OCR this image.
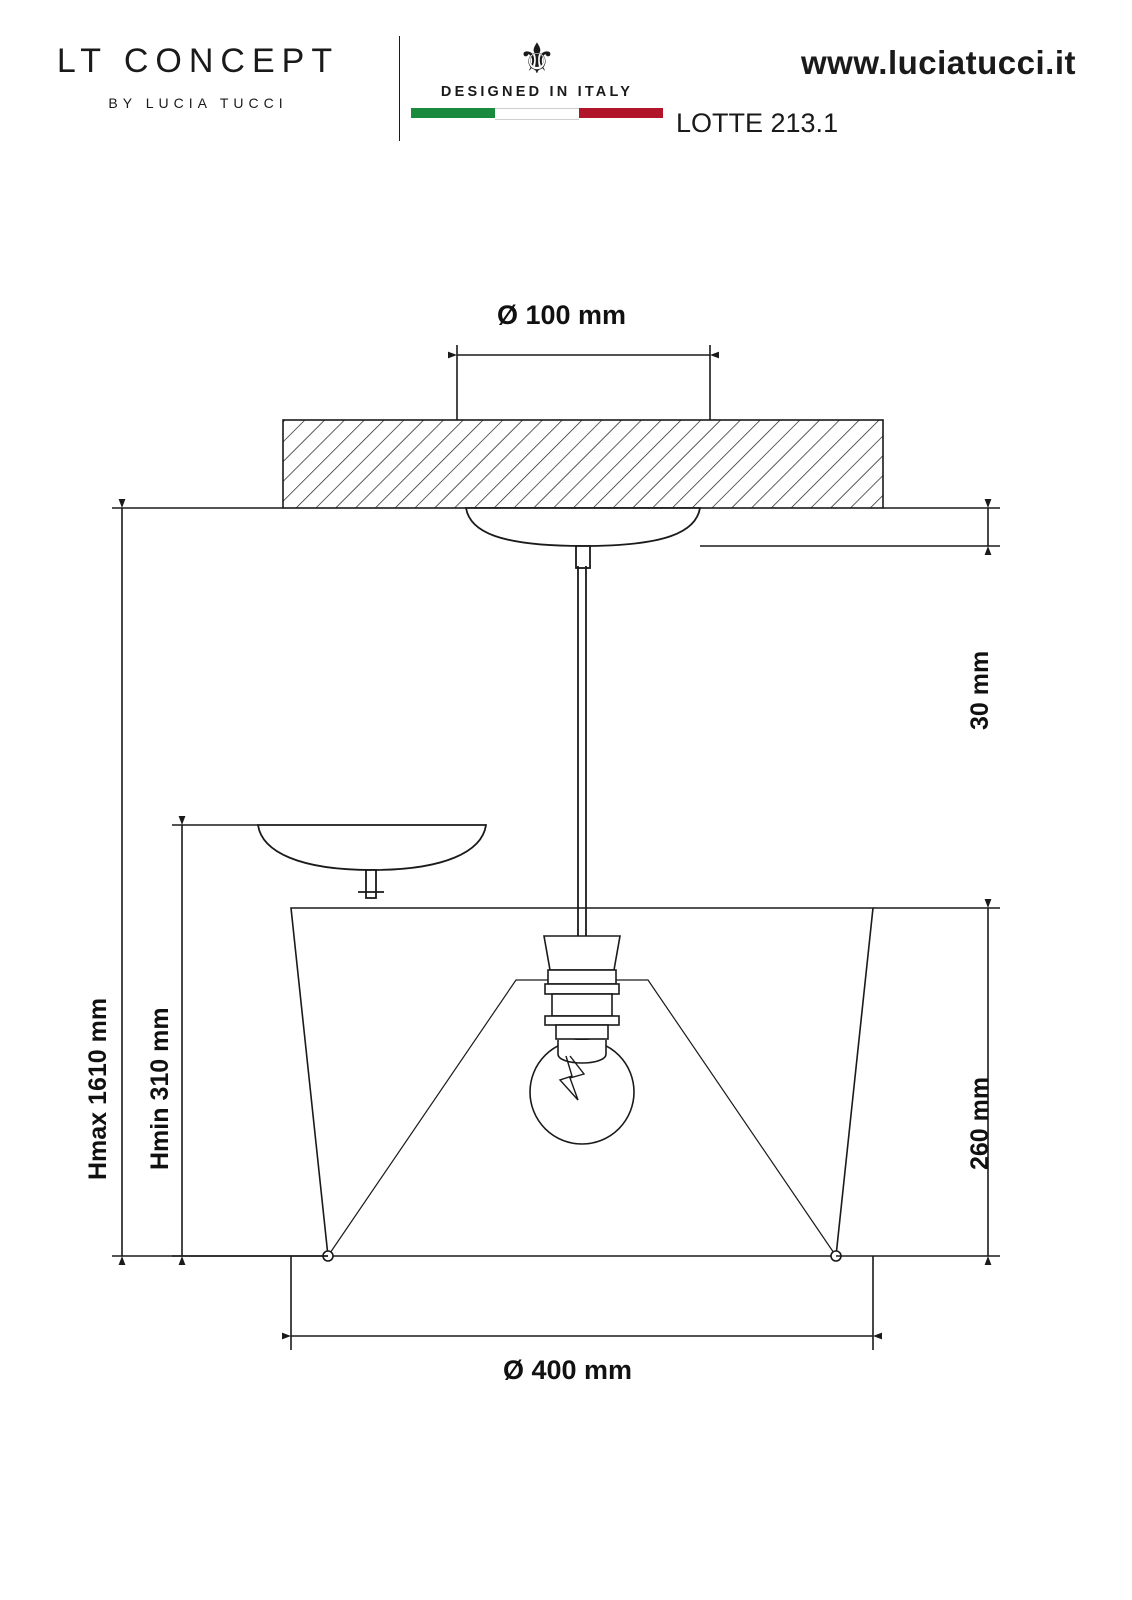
LT CONCEPT
BY LUCIA TUCCI
⚜
DESIGNED IN ITALY
www.luciatucci.it
LOTTE 213.1
Ø 100 mm
30 mm
Hmax 1610 mm Hmin 310 mm	260 mm
Ø 400 mm
